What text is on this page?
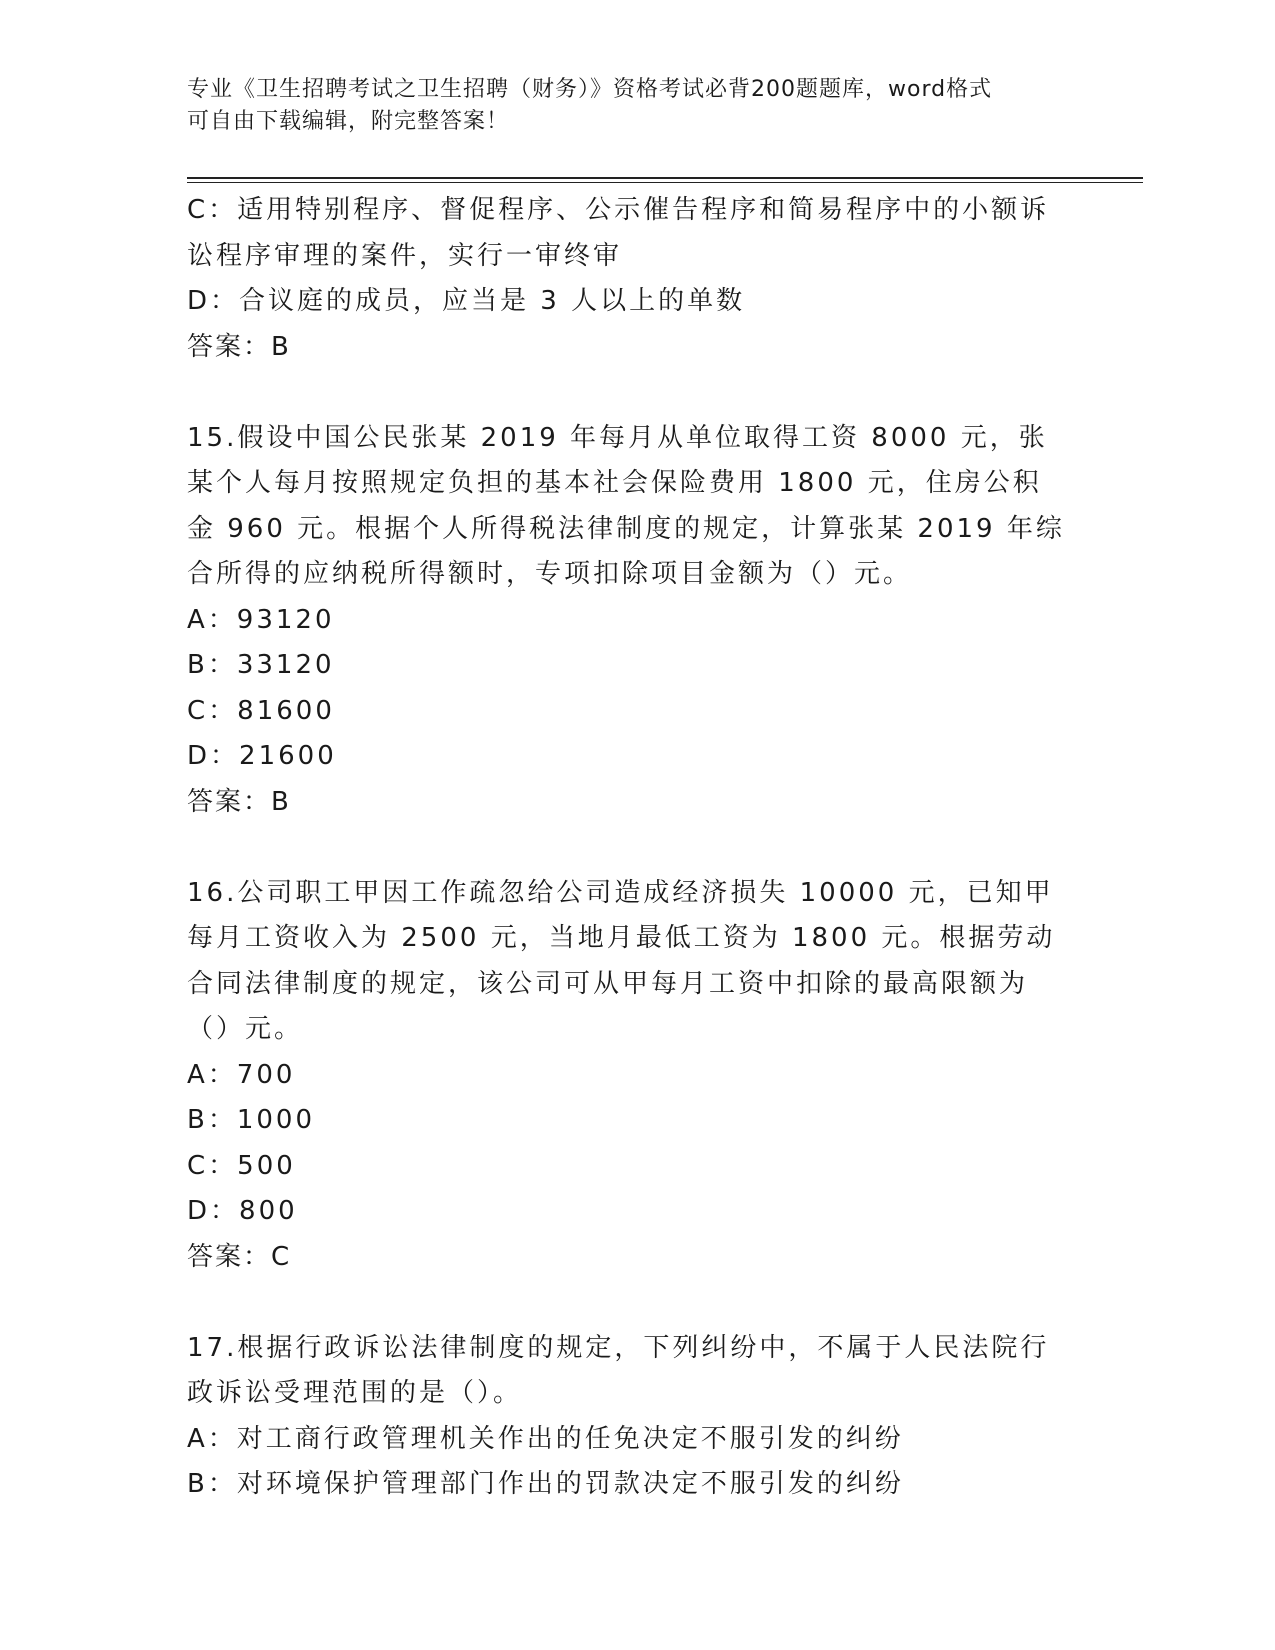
专业《卫生招聘考试之卫生招聘（财务）》资格考试必背200题题库，word格式
可自由下载编辑，附完整答案！

C：适用特别程序、督促程序、公示催告程序和简易程序中的小额诉讼程序审理的案件，实行一审终审

D：合议庭的成员，应当是 3 人以上的单数

答案：B

15.假设中国公民张某 2019 年每月从单位取得工资 8000 元，张某个人每月按照规定负担的基本社会保险费用 1800 元，住房公积金 960 元。根据个人所得税法律制度的规定，计算张某 2019 年综合所得的应纳税所得额时，专项扣除项目金额为（）元。

A：93120

B：33120

C：81600

D：21600

答案：B

16.公司职工甲因工作疏忽给公司造成经济损失 10000 元，已知甲每月工资收入为 2500 元，当地月最低工资为 1800 元。根据劳动合同法律制度的规定，该公司可从甲每月工资中扣除的最高限额为（）元。

A：700

B：1000

C：500

D：800

答案：C

17.根据行政诉讼法律制度的规定，下列纠纷中，不属于人民法院行政诉讼受理范围的是（）。

A：对工商行政管理机关作出的任免决定不服引发的纠纷

B：对环境保护管理部门作出的罚款决定不服引发的纠纷
